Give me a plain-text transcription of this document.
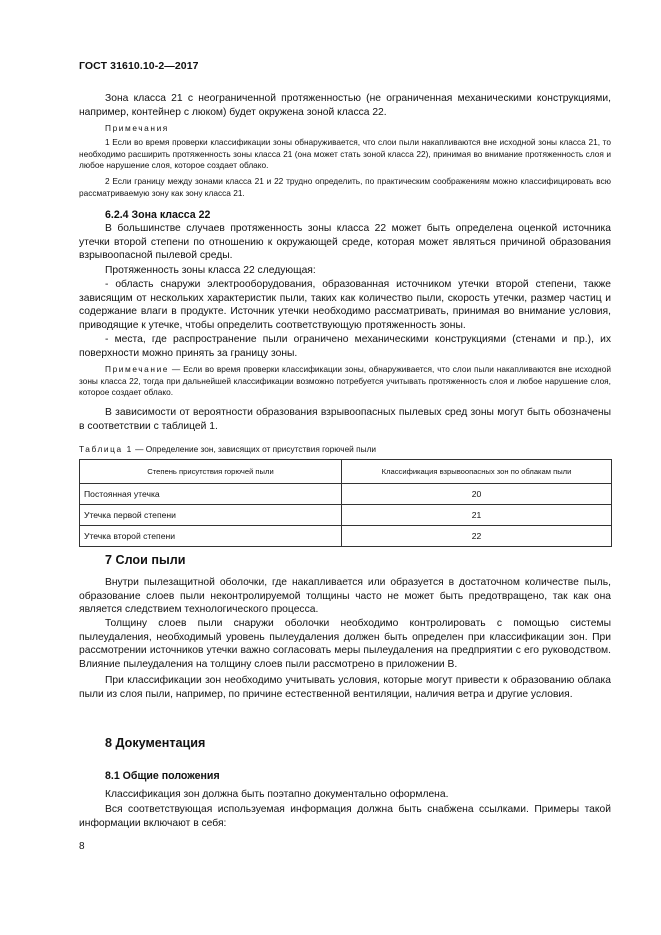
ГОСТ 31610.10-2—2017
Зона класса 21 с неограниченной протяженностью (не ограниченная механическими конструкциями, например, контейнер с люком) будет окружена зоной класса 22.
Примечания
1 Если во время проверки классификации зоны обнаруживается, что слои пыли накапливаются вне исходной зоны класса 21, то необходимо расширить протяженность зоны класса 21 (она может стать зоной класса 22), принимая во внимание протяженность слоя и любое нарушение слоя, которое создает облако.
2 Если границу между зонами класса 21 и 22 трудно определить, по практическим соображениям можно классифицировать всю рассматриваемую зону как зону класса 21.
6.2.4 Зона класса 22
В большинстве случаев протяженность зоны класса 22 может быть определена оценкой источника утечки второй степени по отношению к окружающей среде, которая может являться причиной образования взрывоопасной пылевой среды.
Протяженность зоны класса 22 следующая:
- область снаружи электрооборудования, образованная источником утечки второй степени, также зависящим от нескольких характеристик пыли, таких как количество пыли, скорость утечки, размер частиц и содержание влаги в продукте. Источник утечки необходимо рассматривать, принимая во внимание условия, приводящие к утечке, чтобы определить соответствующую протяженность зоны.
- места, где распространение пыли ограничено механическими конструкциями (стенами и пр.), их поверхности можно принять за границу зоны.
Примечание — Если во время проверки классификации зоны, обнаруживается, что слои пыли накапливаются вне исходной зоны класса 22, тогда при дальнейшей классификации возможно потребуется учитывать протяженность слоя и любое нарушение слоя, которое создает облако.
В зависимости от вероятности образования взрывоопасных пылевых сред зоны могут быть обозначены в соответствии с таблицей 1.
Таблица 1 — Определение зон, зависящих от присутствия горючей пыли
Степень присутствия горючей пыли	Классификация взрывоопасных зон по облакам пыли
Постоянная утечка	20
Утечка первой степени	21
Утечка второй степени	22
7 Слои пыли
Внутри пылезащитной оболочки, где накапливается или образуется в достаточном количестве пыль, образование слоев пыли неконтролируемой толщины часто не может быть предотвращено, так как она является следствием технологического процесса.
Толщину слоев пыли снаружи оболочки необходимо контролировать с помощью системы пылеудаления, необходимый уровень пылеудаления должен быть определен при классификации зон. При рассмотрении источников утечки важно согласовать меры пылеудаления на предприятии с его руководством. Влияние пылеудаления на толщину слоев пыли рассмотрено в приложении В.
При классификации зон необходимо учитывать условия, которые могут привести к образованию облака пыли из слоя пыли, например, по причине естественной вентиляции, наличия ветра и другие условия.
8 Документация
8.1 Общие положения
Классификация зон должна быть поэтапно документально оформлена.
Вся соответствующая используемая информация должна быть снабжена ссылками. Примеры такой информации включают в себя:
8
